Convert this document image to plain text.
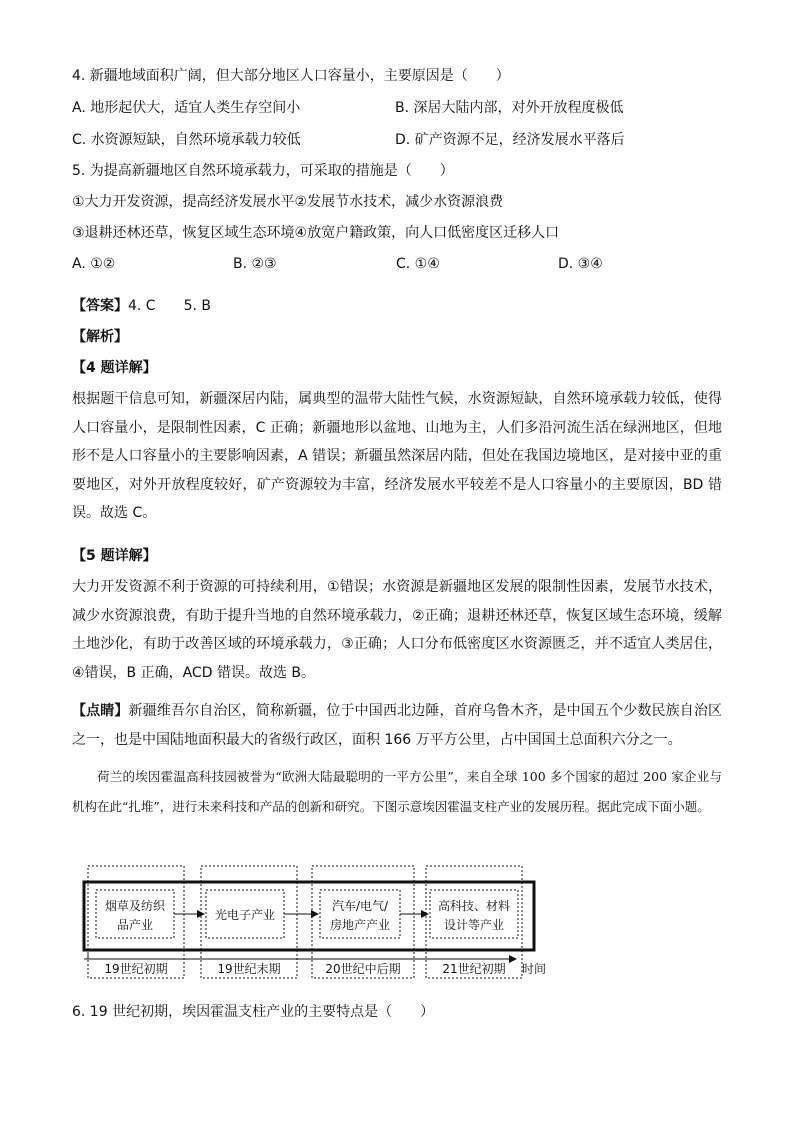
4. 新疆地域面积广阔，但大部分地区人口容量小，主要原因是（　　）
A. 地形起伏大，适宜人类生存空间小	B. 深居大陆内部，对外开放程度极低
C. 水资源短缺，自然环境承载力较低	D. 矿产资源不足，经济发展水平落后
5. 为提高新疆地区自然环境承载力，可采取的措施是（　　）
①大力开发资源，提高经济发展水平②发展节水技术，减少水资源浪费
③退耕还林还草，恢复区域生态环境④放宽户籍政策，向人口低密度区迁移人口
A. ①②	B. ②③	C. ①④	D. ③④
【答案】4. C　　5. B
【解析】
【4 题详解】
根据题干信息可知，新疆深居内陆，属典型的温带大陆性气候，水资源短缺，自然环境承载力较低，使得人口容量小，是限制性因素，C 正确；新疆地形以盆地、山地为主，人们多沿河流生活在绿洲地区，但地形不是人口容量小的主要影响因素，A 错误；新疆虽然深居内陆，但处在我国边境地区，是对接中亚的重要地区，对外开放程度较好，矿产资源较为丰富，经济发展水平较差不是人口容量小的主要原因，BD 错误。故选 C。
【5 题详解】
大力开发资源不利于资源的可持续利用，①错误；水资源是新疆地区发展的限制性因素，发展节水技术，减少水资源浪费，有助于提升当地的自然环境承载力，②正确；退耕还林还草，恢复区域生态环境，缓解土地沙化，有助于改善区域的环境承载力，③正确；人口分布低密度区水资源匮乏，并不适宜人类居住，④错误，B 正确，ACD 错误。故选 B。
【点睛】新疆维吾尔自治区，简称新疆，位于中国西北边陲，首府乌鲁木齐，是中国五个少数民族自治区之一，也是中国陆地面积最大的省级行政区，面积 166 万平方公里，占中国国土总面积六分之一。
荷兰的埃因霍温高科技园被誉为“欧洲大陆最聪明的一平方公里”，来自全球 100 多个国家的超过 200 家企业与机构在此“扎堆”，进行未来科技和产品的创新和研究。下图示意埃因霍温支柱产业的发展历程。据此完成下面小题。
烟草及纺织
品产业
光电子产业
汽车/电气/
房地产产业
高科技、材料
设计等产业
19世纪初期	19世纪末期	20世纪中后期	21世纪初期 时间
6. 19 世纪初期，埃因霍温支柱产业的主要特点是（　　）
